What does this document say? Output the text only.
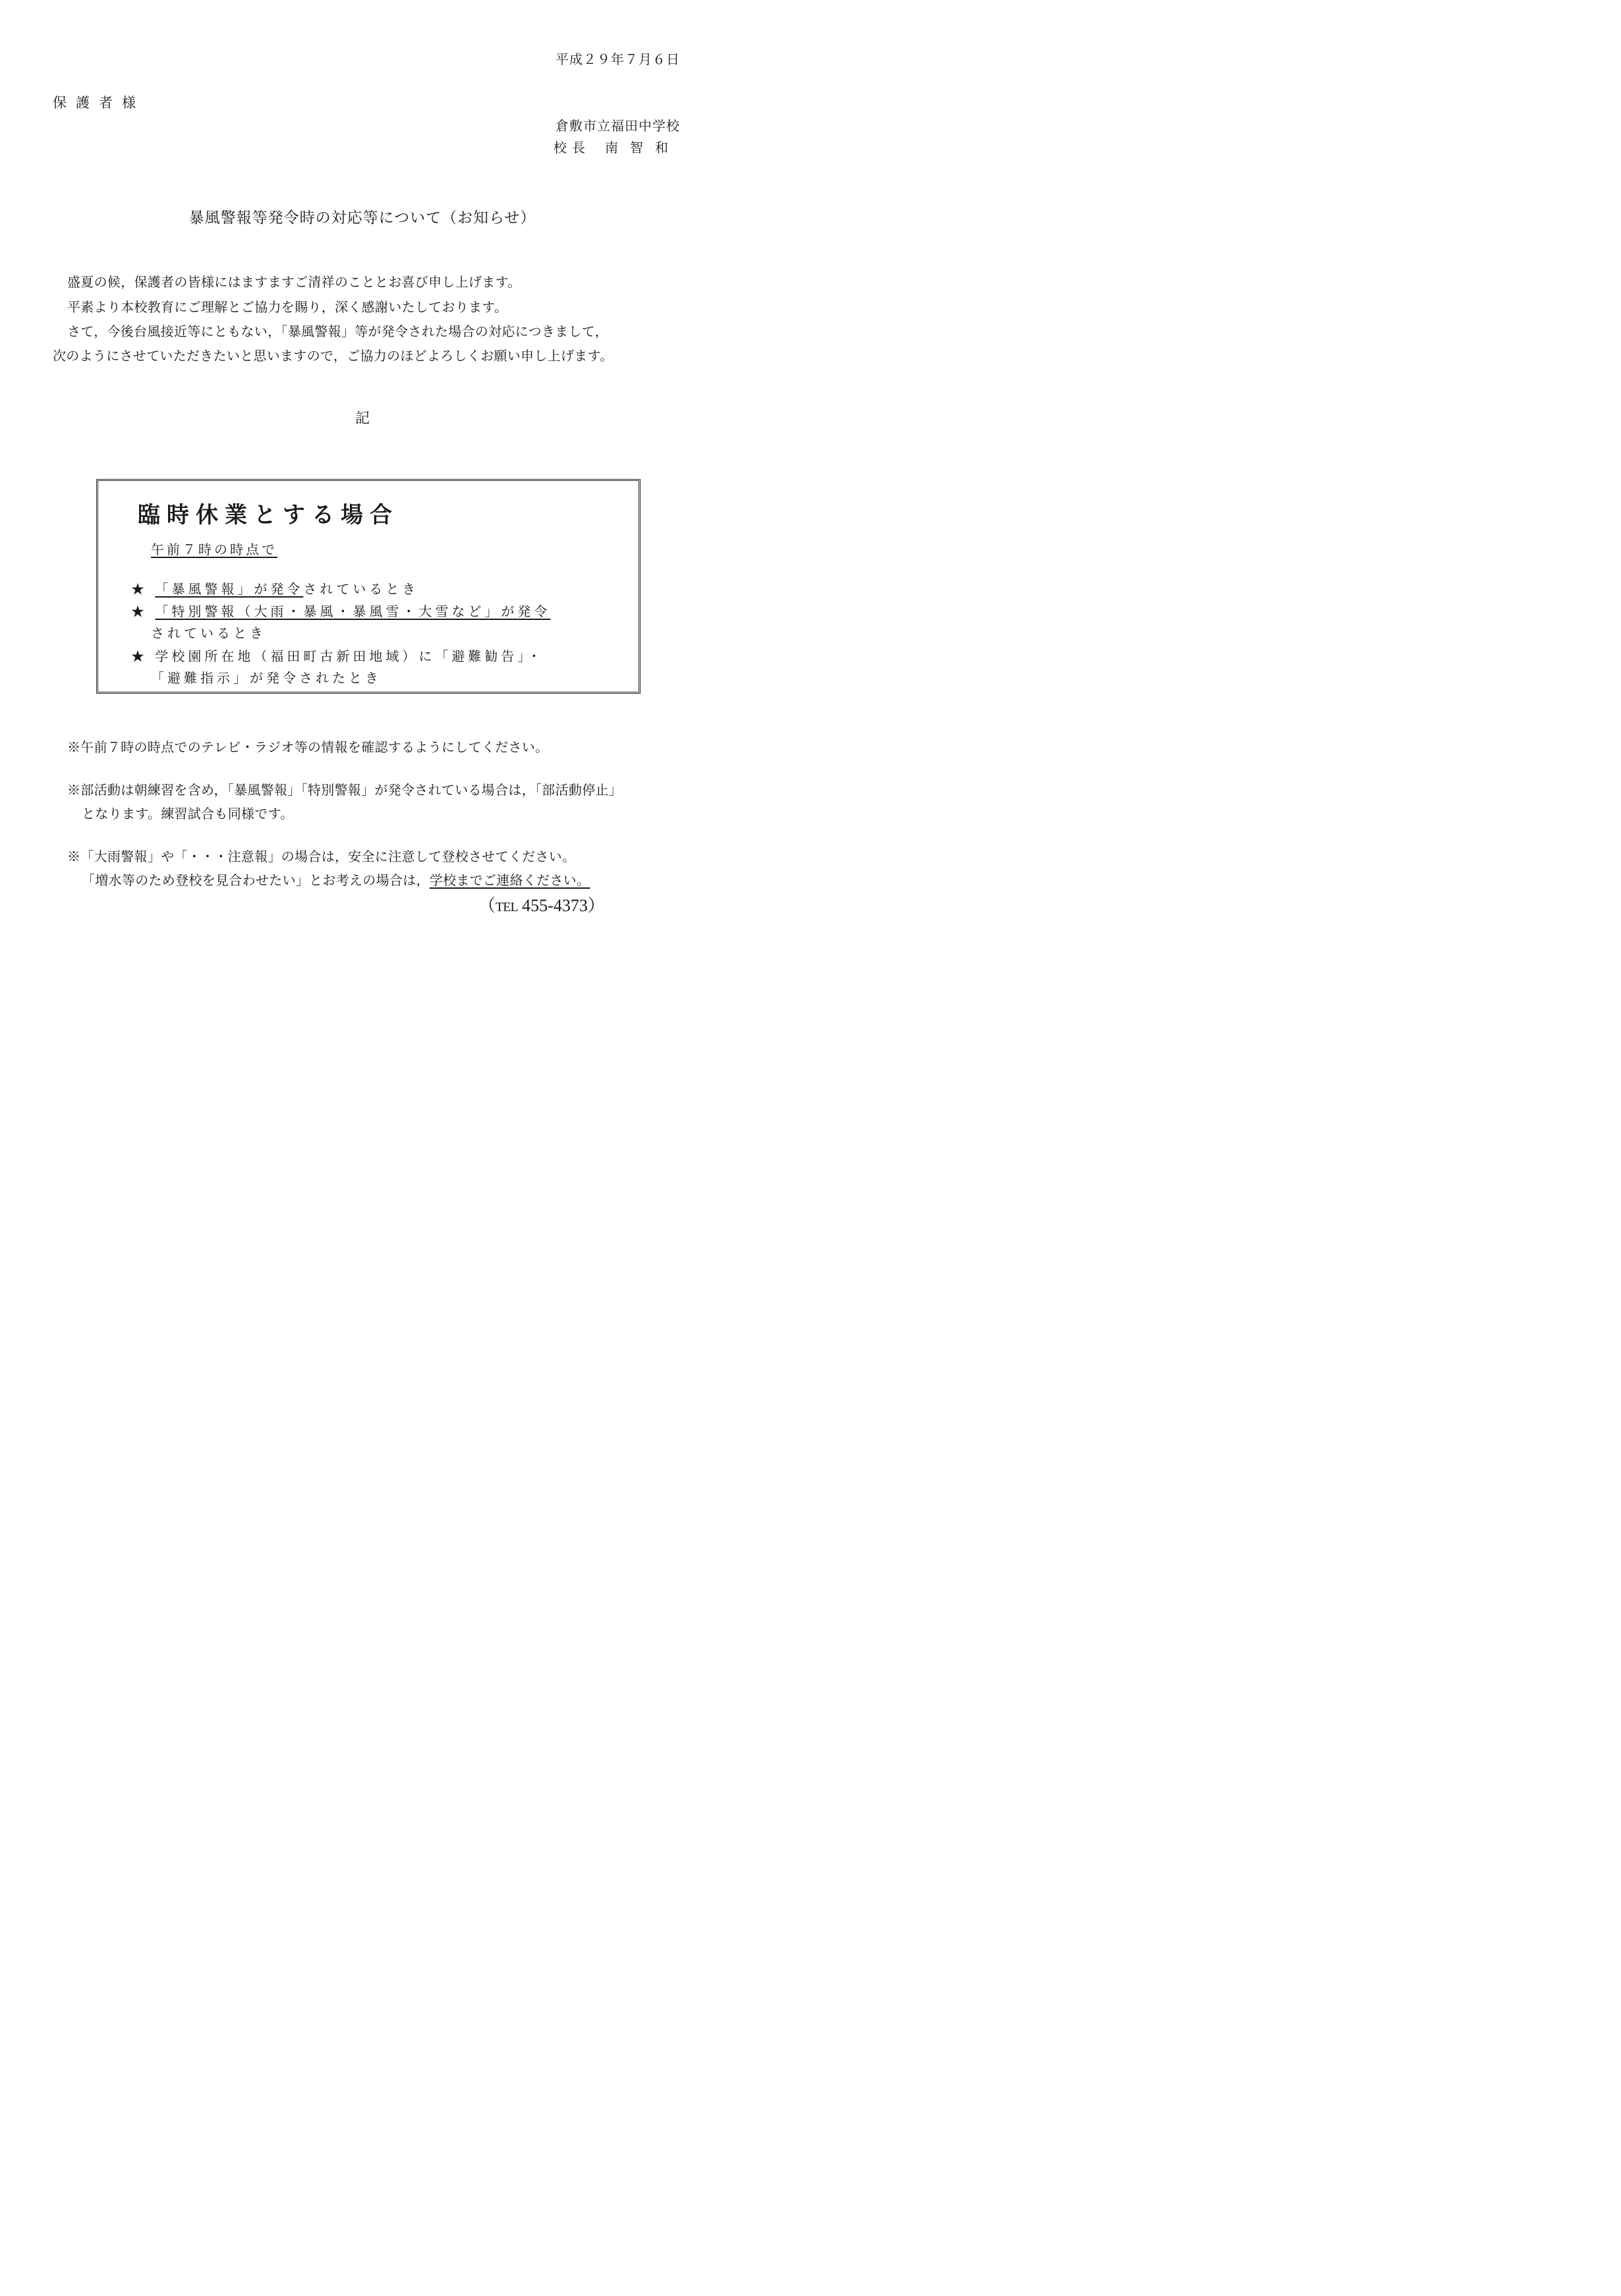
平成２９年７月６日
保護者様
倉敷市立福田中学校
校長 南智和
暴風警報等発令時の対応等について（お知らせ）
盛夏の候，保護者の皆様にはますますご清祥のこととお喜び申し上げます。
平素より本校教育にご理解とご協力を賜り，深く感謝いたしております。
さて，今後台風接近等にともない，「暴風警報」等が発令された場合の対応につきまして，
次のようにさせていただきたいと思いますので，ご協力のほどよろしくお願い申し上げます。
記
臨時休業とする場合
午前７時の時点で
★ 「暴風警報」が発令されているとき
★ 「特別警報（大雨・暴風・暴風雪・大雪など」が発令
されているとき
★ 学校園所在地（福田町古新田地域）に「避難勧告」・
「避難指示」が発令されたとき
※午前７時の時点でのテレビ・ラジオ等の情報を確認するようにしてください。
※部活動は朝練習を含め，「暴風警報」「特別警報」が発令されている場合は，「部活動停止」
となります。練習試合も同様です。
※「大雨警報」や「・・・注意報」の場合は，安全に注意して登校させてください。
「増水等のため登校を見合わせたい」とお考えの場合は，学校までご連絡ください。
（TEL 455-4373）
